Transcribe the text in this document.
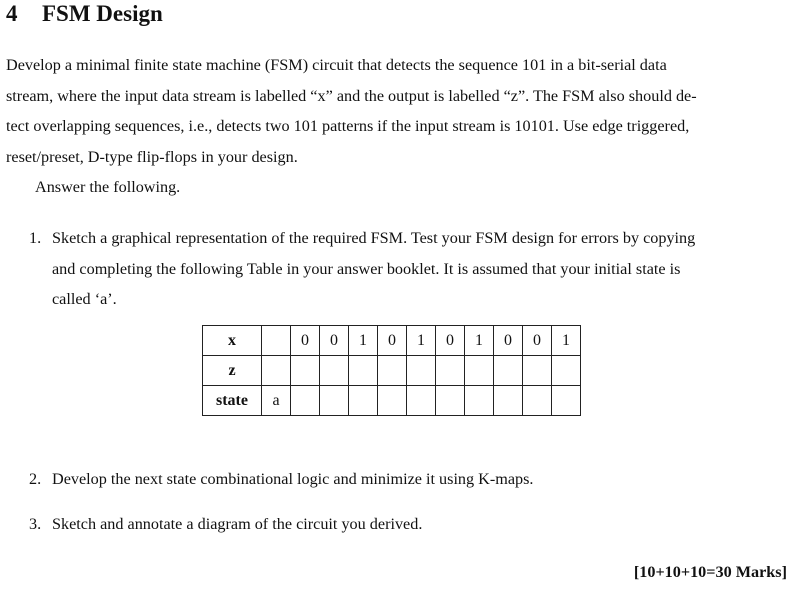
4 FSM Design
Develop a minimal finite state machine (FSM) circuit that detects the sequence 101 in a bit-serial data
stream, where the input data stream is labelled “x” and the output is labelled “z”. The FSM also should de-
tect overlapping sequences, i.e., detects two 101 patterns if the input stream is 10101. Use edge triggered,
reset/preset, D-type flip-flops in your design.
Answer the following.
1. Sketch a graphical representation of the required FSM. Test your FSM design for errors by copying
and completing the following Table in your answer booklet. It is assumed that your initial state is
called ‘a’.
x		0	0	1	0	1	0	1	0	0	1
z											
state	a										
2. Develop the next state combinational logic and minimize it using K-maps.
3. Sketch and annotate a diagram of the circuit you derived.
[10+10+10=30 Marks]
